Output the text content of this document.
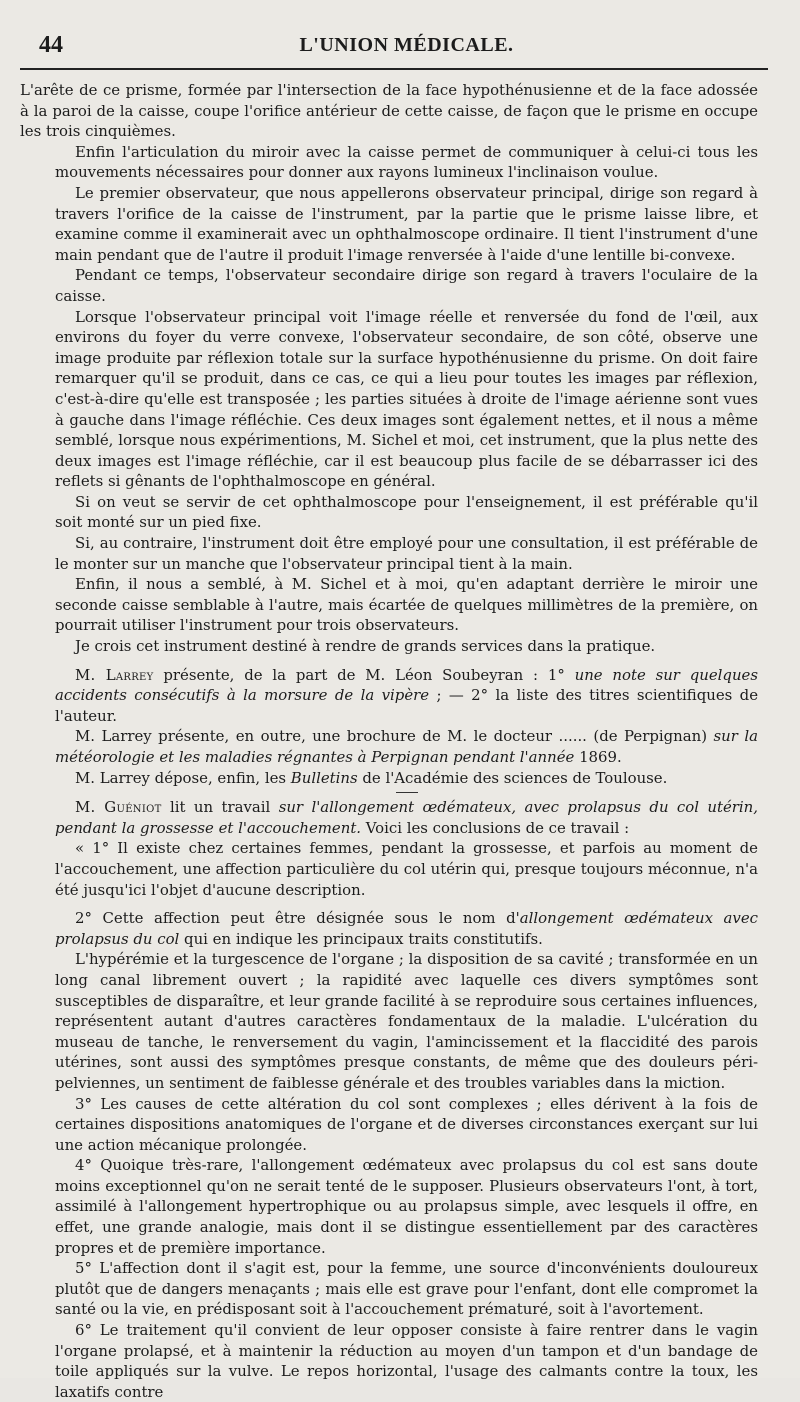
44	L'UNION MÉDICALE.

L'arête de ce prisme, formée par l'intersection de la face hypothénusienne et de la face adossée à la paroi de la caisse, coupe l'orifice antérieur de cette caisse, de façon que le prisme en occupe les trois cinquièmes.

Enfin l'articulation du miroir avec la caisse permet de communiquer à celui-ci tous les mouvements nécessaires pour donner aux rayons lumineux l'inclinaison voulue.

Le premier observateur, que nous appellerons observateur principal, dirige son regard à travers l'orifice de la caisse de l'instrument, par la partie que le prisme laisse libre, et examine comme il examinerait avec un ophthalmoscope ordinaire. Il tient l'instrument d'une main pendant que de l'autre il produit l'image renversée à l'aide d'une lentille bi-convexe.

Pendant ce temps, l'observateur secondaire dirige son regard à travers l'oculaire de la caisse.

Lorsque l'observateur principal voit l'image réelle et renversée du fond de l'œil, aux environs du foyer du verre convexe, l'observateur secondaire, de son côté, observe une image produite par réflexion totale sur la surface hypothénusienne du prisme. On doit faire remarquer qu'il se produit, dans ce cas, ce qui a lieu pour toutes les images par réflexion, c'est-à-dire qu'elle est transposée ; les parties situées à droite de l'image aérienne sont vues à gauche dans l'image réfléchie. Ces deux images sont également nettes, et il nous a même semblé, lorsque nous expérimentions, M. Sichel et moi, cet instrument, que la plus nette des deux images est l'image réfléchie, car il est beaucoup plus facile de se débarrasser ici des reflets si gênants de l'ophthalmoscope en général.

Si on veut se servir de cet ophthalmoscope pour l'enseignement, il est préférable qu'il soit monté sur un pied fixe.

Si, au contraire, l'instrument doit être employé pour une consultation, il est préférable de le monter sur un manche que l'observateur principal tient à la main.

Enfin, il nous a semblé, à M. Sichel et à moi, qu'en adaptant derrière le miroir une seconde caisse semblable à l'autre, mais écartée de quelques millimètres de la première, on pourrait utiliser l'instrument pour trois observateurs.

Je crois cet instrument destiné à rendre de grands services dans la pratique.

M. Larrey présente, de la part de M. Léon Soubeyran : 1° une note sur quelques accidents consécutifs à la morsure de la vipère ; — 2° la liste des titres scientifiques de l'auteur.

M. Larrey présente, en outre, une brochure de M. le docteur ...... (de Perpignan) sur la météorologie et les maladies régnantes à Perpignan pendant l'année 1869.

M. Larrey dépose, enfin, les Bulletins de l'Académie des sciences de Toulouse.

M. Guéniot lit un travail sur l'allongement œdémateux, avec prolapsus du col utérin, pendant la grossesse et l'accouchement. Voici les conclusions de ce travail :

« 1° Il existe chez certaines femmes, pendant la grossesse, et parfois au moment de l'accouchement, une affection particulière du col utérin qui, presque toujours méconnue, n'a été jusqu'ici l'objet d'aucune description.

2° Cette affection peut être désignée sous le nom d'allongement œdémateux avec prolapsus du col qui en indique les principaux traits constitutifs.

L'hypérémie et la turgescence de l'organe ; la disposition de sa cavité ; transformée en un long canal librement ouvert ; la rapidité avec laquelle ces divers symptômes sont susceptibles de disparaître, et leur grande facilité à se reproduire sous certaines influences, représentent autant d'autres caractères fondamentaux de la maladie. L'ulcération du museau de tanche, le renversement du vagin, l'amincissement et la flaccidité des parois utérines, sont aussi des symptômes presque constants, de même que des douleurs péri-pelviennes, un sentiment de faiblesse générale et des troubles variables dans la miction.

3° Les causes de cette altération du col sont complexes ; elles dérivent à la fois de certaines dispositions anatomiques de l'organe et de diverses circonstances exerçant sur lui une action mécanique prolongée.

4° Quoique très-rare, l'allongement œdémateux avec prolapsus du col est sans doute moins exceptionnel qu'on ne serait tenté de le supposer. Plusieurs observateurs l'ont, à tort, assimilé à l'allongement hypertrophique ou au prolapsus simple, avec lesquels il offre, en effet, une grande analogie, mais dont il se distingue essentiellement par des caractères propres et de première importance.

5° L'affection dont il s'agit est, pour la femme, une source d'inconvénients douloureux plutôt que de dangers menaçants ; mais elle est grave pour l'enfant, dont elle compromet la santé ou la vie, en prédisposant soit à l'accouchement prématuré, soit à l'avortement.

6° Le traitement qu'il convient de leur opposer consiste à faire rentrer dans le vagin l'organe prolapsé, et à maintenir la réduction au moyen d'un tampon et d'un bandage de toile appliqués sur la vulve. Le repos horizontal, l'usage des calmants contre la toux, les laxatifs contre
